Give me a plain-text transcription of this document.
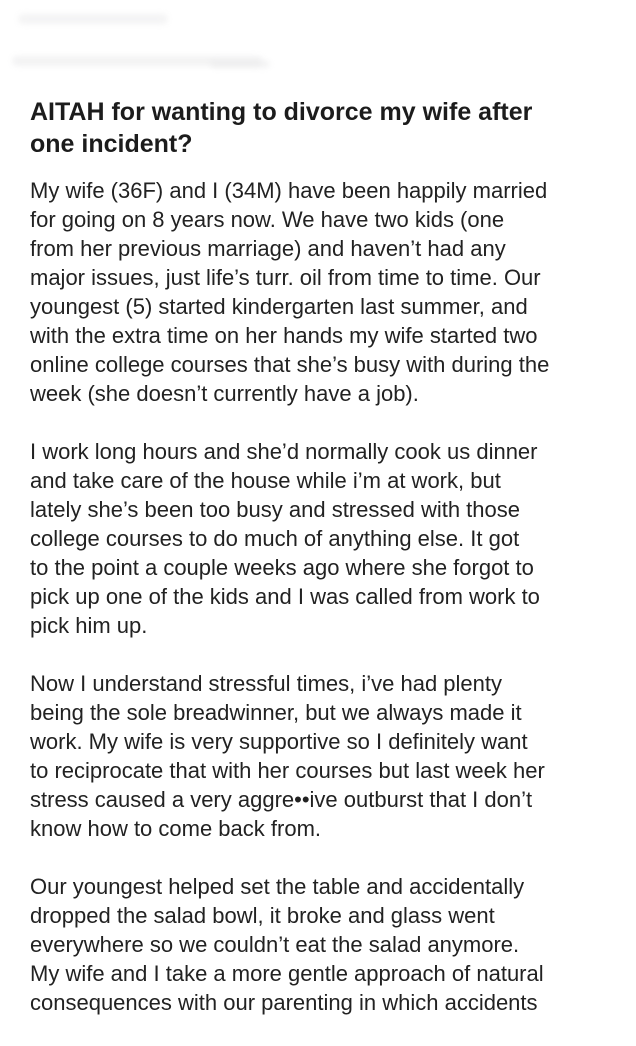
AITAH for wanting to divorce my wife after
one incident?

My wife (36F) and I (34M) have been happily married
for going on 8 years now. We have two kids (one
from her previous marriage) and haven’t had any
major issues, just life’s turr. oil from time to time. Our
youngest (5) started kindergarten last summer, and
with the extra time on her hands my wife started two
online college courses that she’s busy with during the
week (she doesn’t currently have a job).

I work long hours and she’d normally cook us dinner
and take care of the house while i’m at work, but
lately she’s been too busy and stressed with those
college courses to do much of anything else. It got
to the point a couple weeks ago where she forgot to
pick up one of the kids and I was called from work to
pick him up.

Now I understand stressful times, i’ve had plenty
being the sole breadwinner, but we always made it
work. My wife is very supportive so I definitely want
to reciprocate that with her courses but last week her
stress caused a very aggre••ive outburst that I don’t
know how to come back from.

Our youngest helped set the table and accidentally
dropped the salad bowl, it broke and glass went
everywhere so we couldn’t eat the salad anymore.
My wife and I take a more gentle approach of natural
consequences with our parenting in which accidents
